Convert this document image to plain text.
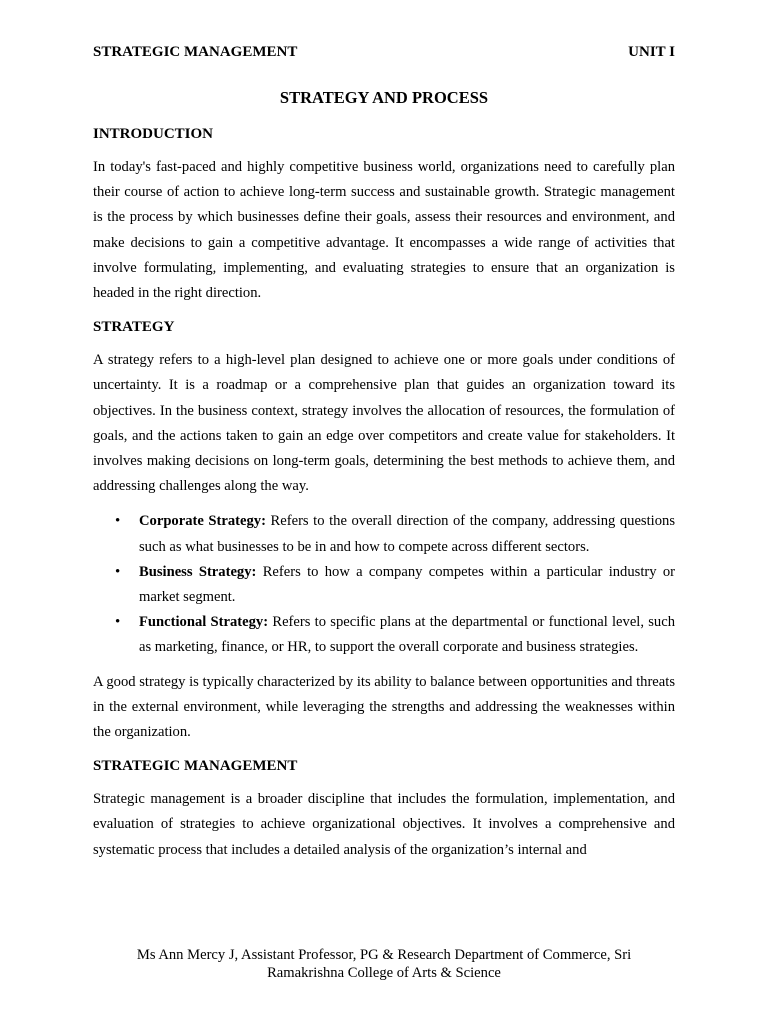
STRATEGIC MANAGEMENT	UNIT I
STRATEGY AND PROCESS
INTRODUCTION

In today's fast-paced and highly competitive business world, organizations need to carefully plan their course of action to achieve long-term success and sustainable growth. Strategic management is the process by which businesses define their goals, assess their resources and environment, and make decisions to gain a competitive advantage. It encompasses a wide range of activities that involve formulating, implementing, and evaluating strategies to ensure that an organization is headed in the right direction.

STRATEGY

A strategy refers to a high-level plan designed to achieve one or more goals under conditions of uncertainty. It is a roadmap or a comprehensive plan that guides an organization toward its objectives. In the business context, strategy involves the allocation of resources, the formulation of goals, and the actions taken to gain an edge over competitors and create value for stakeholders. It involves making decisions on long-term goals, determining the best methods to achieve them, and addressing challenges along the way.

• Corporate Strategy: Refers to the overall direction of the company, addressing questions such as what businesses to be in and how to compete across different sectors.
• Business Strategy: Refers to how a company competes within a particular industry or market segment.
• Functional Strategy: Refers to specific plans at the departmental or functional level, such as marketing, finance, or HR, to support the overall corporate and business strategies.

A good strategy is typically characterized by its ability to balance between opportunities and threats in the external environment, while leveraging the strengths and addressing the weaknesses within the organization.

STRATEGIC MANAGEMENT

Strategic management is a broader discipline that includes the formulation, implementation, and evaluation of strategies to achieve organizational objectives. It involves a comprehensive and systematic process that includes a detailed analysis of the organization’s internal and

Ms Ann Mercy J, Assistant Professor, PG & Research Department of Commerce, Sri
Ramakrishna College of Arts & Science
